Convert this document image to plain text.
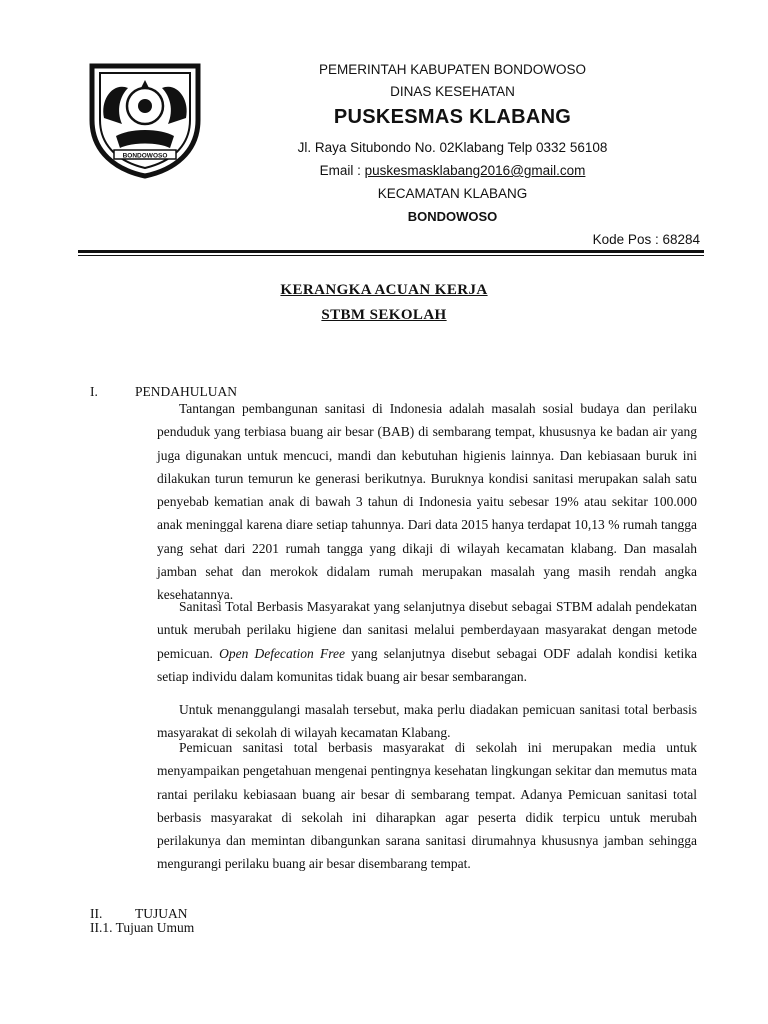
BONDOWOSO
PEMERINTAH KABUPATEN BONDOWOSO
DINAS KESEHATAN
PUSKESMAS KLABANG
Jl. Raya Situbondo No. 02Klabang Telp 0332 56108
Email : puskesmasklabang2016@gmail.com
KECAMATAN KLABANG
BONDOWOSO
Kode Pos : 68284
KERANGKA ACUAN KERJA
STBM SEKOLAH
I.	PENDAHULUAN

Tantangan pembangunan sanitasi di Indonesia adalah masalah sosial budaya dan perilaku penduduk yang terbiasa buang air besar (BAB) di sembarang tempat, khususnya ke badan air yang juga digunakan untuk mencuci, mandi dan kebutuhan higienis lainnya. Dan kebiasaan buruk ini dilakukan turun temurun ke generasi berikutnya. Buruknya kondisi sanitasi merupakan salah satu penyebab kematian anak di bawah 3 tahun di Indonesia yaitu sebesar 19% atau sekitar 100.000 anak meninggal karena diare setiap tahunnya. Dari data 2015 hanya terdapat 10,13 % rumah tangga yang sehat dari 2201 rumah tangga yang dikaji di wilayah kecamatan klabang. Dan masalah jamban sehat dan merokok didalam rumah merupakan masalah yang masih rendah angka kesehatannya.

Sanitasi Total Berbasis Masyarakat yang selanjutnya disebut sebagai STBM adalah pendekatan untuk merubah perilaku higiene dan sanitasi melalui pemberdayaan masyarakat dengan metode pemicuan. Open Defecation Free yang selanjutnya disebut sebagai ODF adalah kondisi ketika setiap individu dalam komunitas tidak buang air besar sembarangan.

Untuk menanggulangi masalah tersebut, maka perlu diadakan pemicuan sanitasi total berbasis masyarakat di sekolah di wilayah kecamatan Klabang.

Pemicuan sanitasi total berbasis masyarakat di sekolah ini merupakan media untuk menyampaikan pengetahuan mengenai pentingnya kesehatan lingkungan sekitar dan memutus mata rantai perilaku kebiasaan buang air besar di sembarang tempat. Adanya Pemicuan sanitasi total berbasis masyarakat di sekolah ini diharapkan agar peserta didik terpicu untuk merubah perilakunya dan memintan dibangunkan sarana sanitasi dirumahnya khususnya jamban sehingga mengurangi perilaku buang air besar disembarang tempat.

II. TUJUAN
II.1. Tujuan Umum
